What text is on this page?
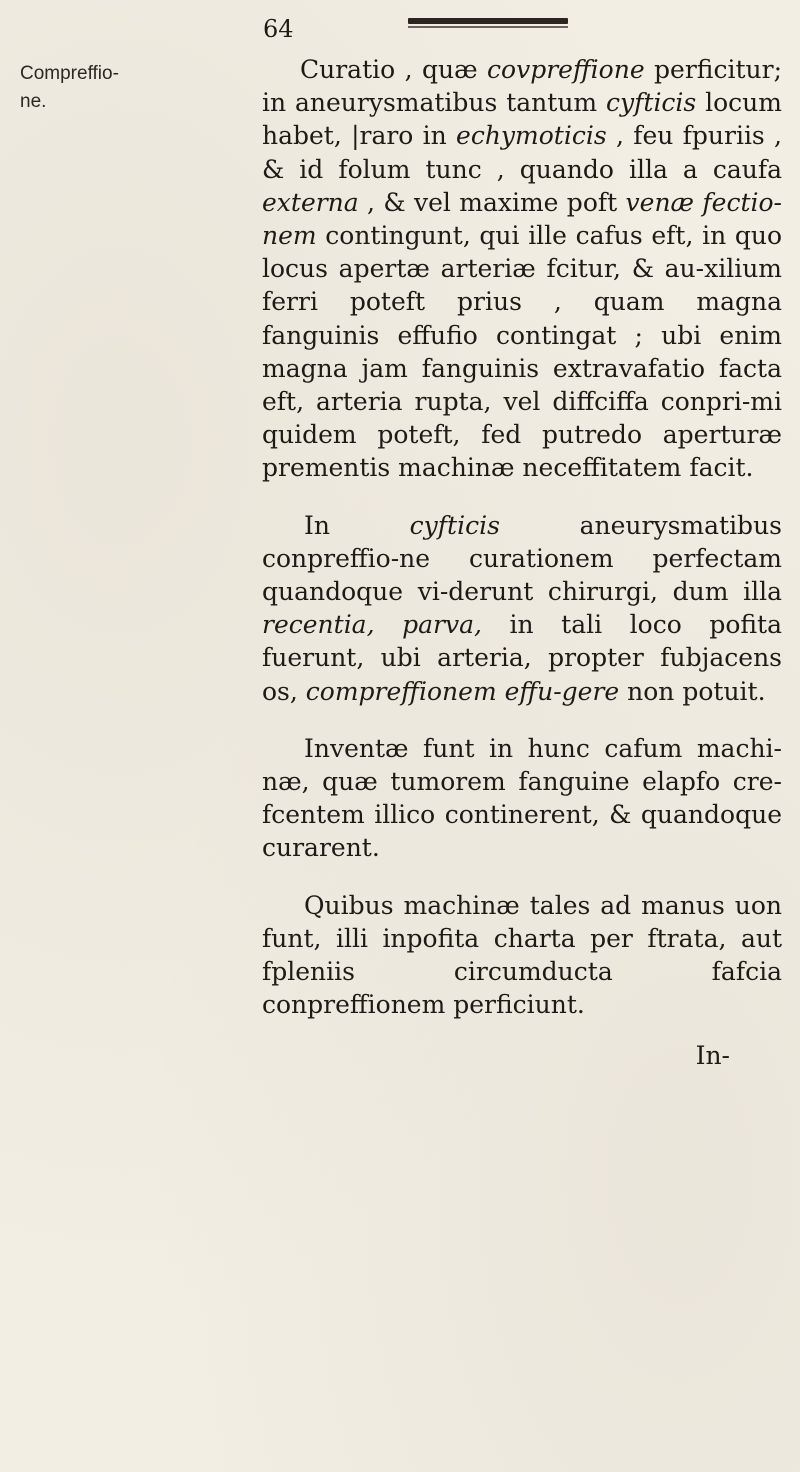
64
Compreffio-
ne.

Curatio , quæ covpreffione perficitur; in aneurysmatibus tantum cyfticis locum habet, |raro in echymoticis , feu fpuriis , & id folum tunc , quando illa a caufa externa , & vel maxime poft venæ fectio-nem contingunt, qui ille cafus eft, in quo locus apertæ arteriæ fcitur, & au-xilium ferri poteft prius , quam magna fanguinis effufio contingat ; ubi enim magna jam fanguinis extravafatio facta eft, arteria rupta, vel diffciffa conpri-mi quidem poteft, fed putredo aperturæ prementis machinæ neceffitatem facit.

In cyfticis aneurysmatibus conpreffio-ne curationem perfectam quandoque vi-derunt chirurgi, dum illa recentia, parva, in tali loco pofita fuerunt, ubi arteria, propter fubjacens os, compreffionem effu-gere non potuit.

Inventæ funt in hunc cafum machi-næ, quæ tumorem fanguine elapfo cre-fcentem illico continerent, & quandoque curarent.

Quibus machinæ tales ad manus uon funt, illi inpofita charta per ftrata, aut fpleniis circumducta fafcia conpreffionem perficiunt.

In-
